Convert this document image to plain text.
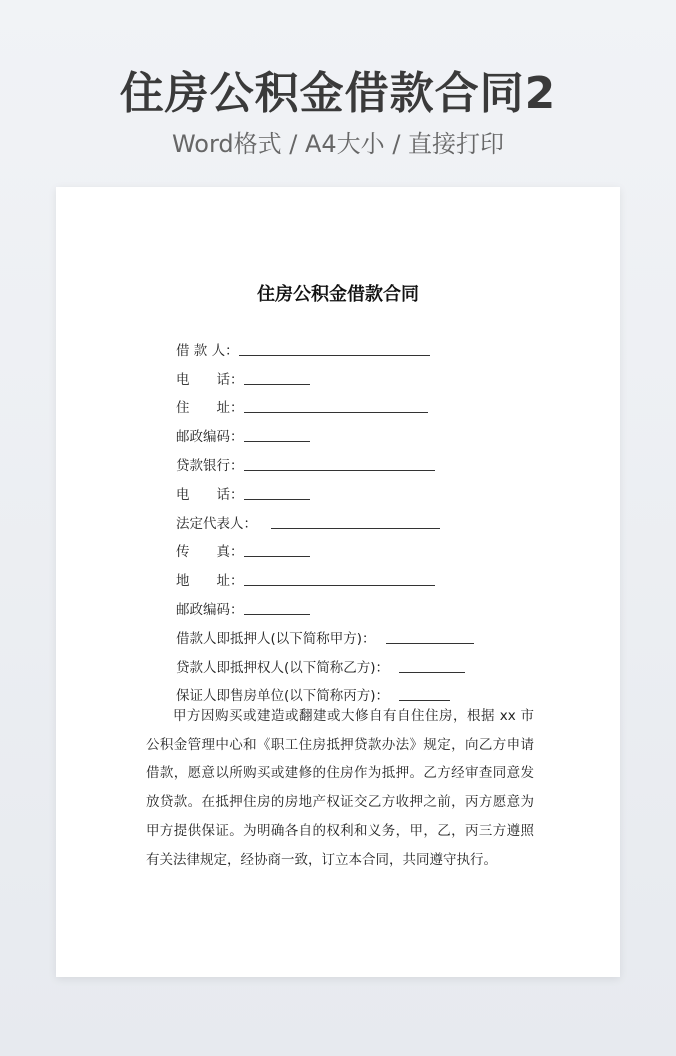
住房公积金借款合同2

Word格式 / A4大小 / 直接打印

住房公积金借款合同
借 款 人：
电　　话：
住　　址：
邮政编码：
贷款银行：
电　　话：
法定代表人：
传　　真：
地　　址：
邮政编码：
借款人即抵押人(以下简称甲方)：
贷款人即抵押权人(以下简称乙方)：
保证人即售房单位(以下简称丙方)：

甲方因购买或建造或翻建或大修自有自住住房，根据 xx 市公积金管理中心和《职工住房抵押贷款办法》规定，向乙方申请借款，愿意以所购买或建修的住房作为抵押。乙方经审查同意发放贷款。在抵押住房的房地产权证交乙方收押之前，丙方愿意为甲方提供保证。为明确各自的权利和义务，甲，乙，丙三方遵照有关法律规定，经协商一致，订立本合同，共同遵守执行。
